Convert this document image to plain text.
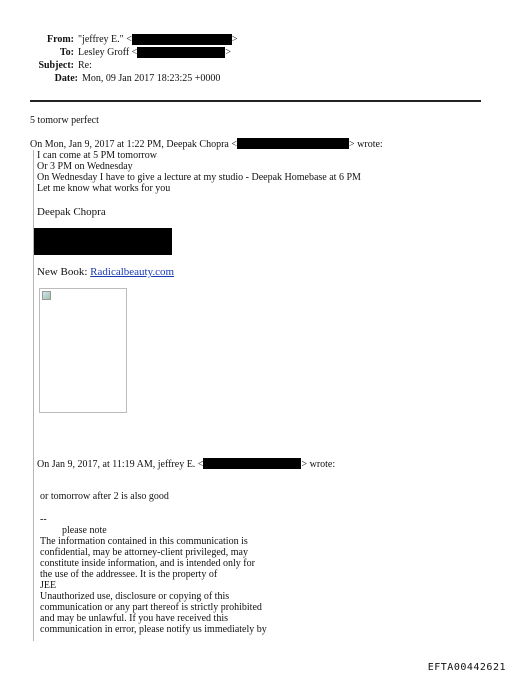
From: "jeffrey E." <	>
To: Lesley Groff <	>
Subject: Re:
Date: Mon, 09 Jan 2017 18:23:25 +0000
5 tomorw perfect
On Mon, Jan 9, 2017 at 1:22 PM, Deepak Chopra <	> wrote:
I can come at 5 PM tomorrow
Or 3 PM on Wednesday
On Wednesday I have to give a lecture at my studio - Deepak Homebase at 6 PM
Let me know what works for you
Deepak Chopra
New Book: Radicalbeauty.com
On Jan 9, 2017, at 11:19 AM, jeffrey E. <	> wrote:
or tomorrow after 2 is also good
--
please note
The information contained in this communication is
confidential, may be attorney-client privileged, may
constitute inside information, and is intended only for
the use of the addressee. It is the property of
JEE
Unauthorized use, disclosure or copying of this
communication or any part thereof is strictly prohibited
and may be unlawful. If you have received this
communication in error, please notify us immediately by
EFTA00442621
